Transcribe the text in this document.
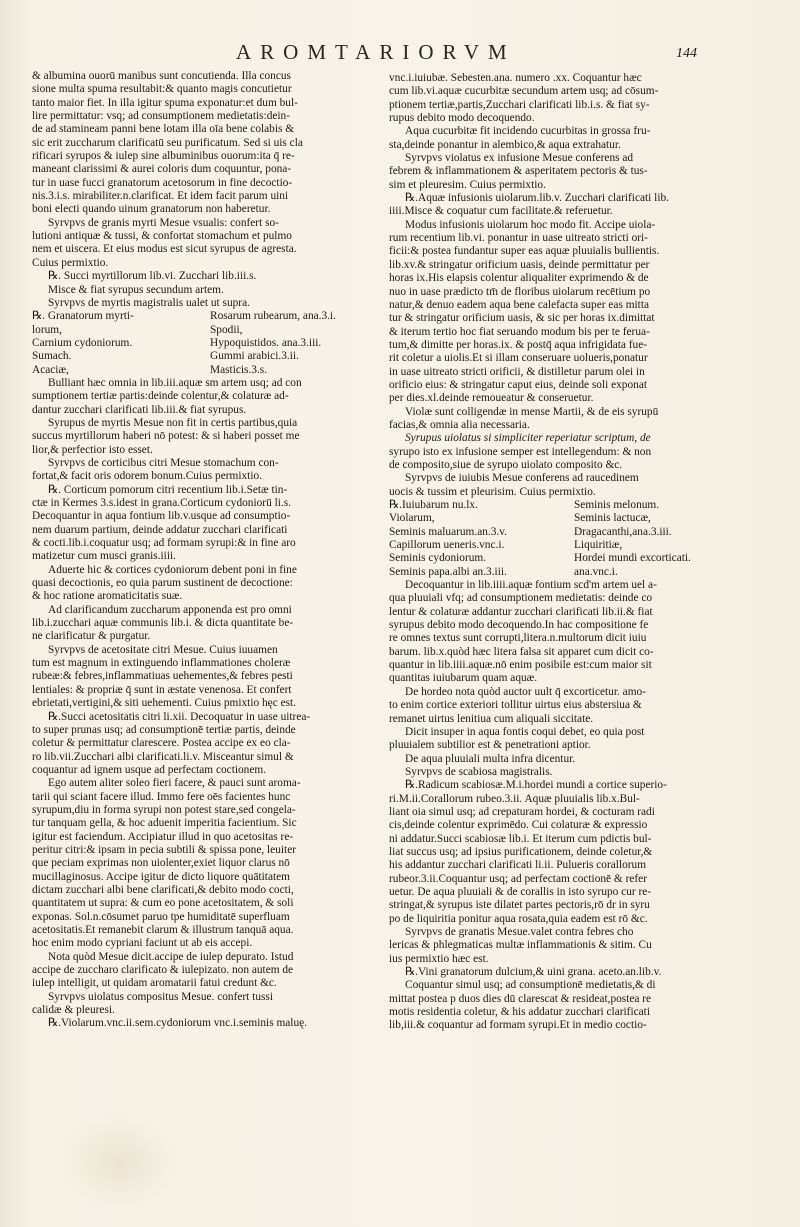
AROMTARIORVM	144

& albumina ouorū manibus sunt concutienda. Illa concus

sione multa spuma resultabit:& quanto magis concutietur

tanto maior fiet. In illa igitur spuma exponatur:et dum bul-

lire permittatur: vsq; ad consumptionem medietatis:dein-

de ad stamineam panni bene lotam illa oīa bene colabis &

sic erit zuccharum clarificatū seu purificatum. Sed si uis cla

rificari syrupos & iulep sine albuminibus ouorum:ita q̄ re-

maneant clarissimi & aurei coloris dum coquuntur, pona-

tur in uase fucci granatorum acetosorum in fine decoctio-

nis.3.i.s. mirabiliter.n.clarificat. Et idem facit parum uini

boni electi quando uinum granatorum non haberetur.

Syrvpvs de granis myrti Mesue vsualis: confert so-

lutioni antiquæ & tussi, & confortat stomachum et pulmo

nem et uiscera. Et eius modus est sicut syrupus de agresta.

Cuius permixtio.

℞. Succi myrtillorum lib.vi. Zucchari lib.iii.s.

Misce & fiat syrupus secundum artem.

Syrvpvs de myrtis magistralis ualet ut supra.

℞. Granatorum myrti-	Rosarum rubearum, ana.3.i.
lorum,	Spodii,
Carnium cydoniorum.	Hypoquistidos. ana.3.iii.
Sumach.	Gummi arabici.3.ii.
Acaciæ,	Masticis.3.s.

Bulliant hæc omnia in lib.iii.aquæ sm artem usq; ad con

sumptionem tertiæ partis:deinde colentur,& colaturæ ad-

dantur zucchari clarificati lib.iii.& fiat syrupus.

Syrupus de myrtis Mesue non fit in certis partibus,quia

succus myrtillorum haberi nō potest: & si haberi posset me

lior,& perfectior isto esset.

Syrvpvs de corticibus citri Mesue stomachum con-

fortat,& facit oris odorem bonum.Cuius permixtio.

℞. Corticum pomorum citri recentium lib.i.Setæ tin-

ctæ in Kermes 3.s.idest in grana.Corticum cydoniorū li.s.

Decoquantur in aqua fontium lib.v.usque ad consumptio-

nem duarum partium, deinde addatur zucchari clarificati

& cocti.lib.i.coquatur usq; ad formam syrupi:& in fine aro

matizetur cum musci granis.iiii.

Aduerte hic & cortices cydoniorum debent poni in fine

quasi decoctionis, eo quia parum sustinent de decoctione:

& hoc ratione aromaticitatis suæ.

Ad clarificandum zuccharum apponenda est pro omni

lib.i.zucchari aquæ communis lib.i. & dicta quantitate be-

ne clarificatur & purgatur.

Syrvpvs de acetositate citri Mesue. Cuius iuuamen

tum est magnum in extinguendo inflammationes choleræ

rubeæ:& febres,inflammatiuas uehementes,& febres pesti

lentiales: & propriæ q̄ sunt in æstate venenosa. Et confert

ebrietati,vertigini,& siti uehementi. Cuius pmixtio hęc est.

℞.Succi acetositatis citri li.xii. Decoquatur in uase uitrea-

to super prunas usq; ad consumptionē tertiæ partis, deinde

coletur & permittatur clarescere. Postea accipe ex eo cla-

ro lib.vii.Zucchari albi clarificati.li.v. Misceantur simul &

coquantur ad ignem usque ad perfectam coctionem.

Ego autem aliter soleo fieri facere, & pauci sunt aroma-

tarii qui sciant facere illud. Immo fere oēs facientes hunc

syrupum,diu in forma syrupi non potest stare,sed congela-

tur tanquam gella, & hoc aduenit imperitia facientium. Sic

igitur est faciendum. Accipiatur illud in quo acetositas re-

peritur citri:& ipsam in pecia subtili & spissa pone, leuiter

que peciam exprimas non uiolenter,exiet liquor clarus nō

mucillaginosus. Accipe igitur de dicto liquore quātitatem

dictam zucchari albi bene clarificati,& debito modo cocti,

quantitatem ut supra: & cum eo pone acetositatem, & soli

exponas. Sol.n.cōsumet paruo tpe humiditatē superfluam

acetositatis.Et remanebit clarum & illustrum tanquā aqua.

hoc enim modo cypriani faciunt ut ab eis accepi.

Nota quòd Mesue dicit.accipe de iulep depurato. Istud

accipe de zuccharo clarificato & iulepizato. non autem de

iulep intelligit, ut quidam aromatarii fatui credunt &c.

Syrvpvs uiolatus compositus Mesue. confert tussi

calidæ & pleuresi.

℞.Violarum.vnc.ii.sem.cydoniorum vnc.i.seminis maluę.

vnc.i.iuiubæ. Sebesten.ana. numero .xx. Coquantur hæc

cum lib.vi.aquæ cucurbitæ secundum artem usq; ad cōsum-

ptionem tertiæ,partis,Zucchari clarificati lib.i.s. & fiat sy-

rupus debito modo decoquendo.

Aqua cucurbitæ fit incidendo cucurbitas in grossa fru-

sta,deinde ponantur in alembico,& aqua extrahatur.

Syrvpvs violatus ex infusione Mesue conferens ad

febrem & inflammationem & asperitatem pectoris & tus-

sim et pleuresim. Cuius permixtio.

℞.Aquæ infusionis uiolarum.lib.v. Zucchari clarificati lib.

iiii.Misce & coquatur cum facilitate.& referuetur.

Modus infusionis uiolarum hoc modo fit. Accipe uiola-

rum recentium lib.vi. ponantur in uase uitreato stricti ori-

ficii:& postea fundantur super eas aquæ pluuialis bullientis.

lib.xv.& stringatur orificium uasis, deinde permittatur per

horas ix.His elapsis colentur aliqualiter exprimendo & de

nuo in uase prædicto tm̄ de floribus uiolarum recētium po

natur,& denuo eadem aqua bene calefacta super eas mitta

tur & stringatur orificium uasis, & sic per horas ix.dimittat

& iterum tertio hoc fiat seruando modum bis per te ferua-

tum,& dimitte per horas.ix. & postq̄ aqua infrigidata fue-

rit coletur a uiolis.Et si illam conseruare uolueris,ponatur

in uase uitreato stricti orificii, & distilletur parum olei in

orificio eius: & stringatur caput eius, deinde soli exponat

per dies.xl.deinde remoueatur & conseruetur.

Violæ sunt colligendæ in mense Martii, & de eis syrupū

facias,& omnia alia necessaria.

Syrupus uiolatus si simpliciter reperiatur scriptum, de

syrupo isto ex infusione semper est intellegendum: & non

de composito,siue de syrupo uiolato composito &c.

Syrvpvs de iuiubis Mesue conferens ad raucedinem

uocis & tussim et pleurisim. Cuius permixtio.

℞.Iuiubarum nu.lx.	Seminis melonum.
Violarum,	Seminis lactucæ,
Seminis maluarum.an.3.v.	Dragacanthi,ana.3.iii.
Capillorum ueneris.vnc.i.	Liquiritiæ,
Seminis cydoniorum.	Hordei mundi excorticati.
Seminis papa.albi an.3.iii.	ana.vnc.i.

Decoquantur in lib.iiii.aquæ fontium scd'm artem uel a-

qua pluuiali vfq; ad consumptionem medietatis: deinde co

lentur & colaturæ addantur zucchari clarificati lib.ii.& fiat

syrupus debito modo decoquendo.In hac compositione fe

re omnes textus sunt corrupti,litera.n.multorum dicit iuiu

barum. lib.x.quòd hæc litera falsa sit apparet cum dicit co-

quantur in lib.iiii.aquæ.nō enim posibile est:cum maior sit

quantitas iuiubarum quam aquæ.

De hordeo nota quòd auctor uult q̄ excorticetur. amo-

to enim cortice exteriori tollitur uirtus eius abstersiua &

remanet uirtus lenitiua cum aliquali siccitate.

Dicit insuper in aqua fontis coqui debet, eo quia post

pluuialem subtilior est & penetrationi aptior.

De aqua pluuiali multa infra dicentur.

Syrvpvs de scabiosa magistralis.

℞.Radicum scabiosæ.M.i.hordei mundi a cortice superio-

ri.M.ii.Corallorum rubeo.3.ii. Aquæ pluuialis lib.x.Bul-

liant oia simul usq; ad crepaturam hordei, & cocturam radi

cis,deinde colentur exprimēdo. Cui colaturæ & expressio

ni addatur.Succi scabiosæ lib.i. Et iterum cum pdictis bul-

liat succus usq; ad ipsius purificationem, deinde coletur,&

his addantur zucchari clarificati li.ii. Pulueris corallorum

rubeor.3.ii.Coquantur usq; ad perfectam coctionē & refer

uetur. De aqua pluuiali & de corallis in isto syrupo cur re-

stringat,& syrupus iste dilatet partes pectoris,rō dr in syru

po de liquiritia ponitur aqua rosata,quia eadem est rō &c.

Syrvpvs de granatis Mesue.valet contra febres cho

lericas & phlegmaticas multæ inflammationis & sitim. Cu

ius permixtio hæc est.

℞.Vini granatorum dulcium,& uini grana. aceto.an.lib.v.

Coquantur simul usq; ad consumptionē medietatis,& di

mittat postea p duos dies dū clarescat & resideat,postea re

motis residentia coletur, & his addatur zucchari clarificati

lib,iii.& coquantur ad formam syrupi.Et in medio coctio-
